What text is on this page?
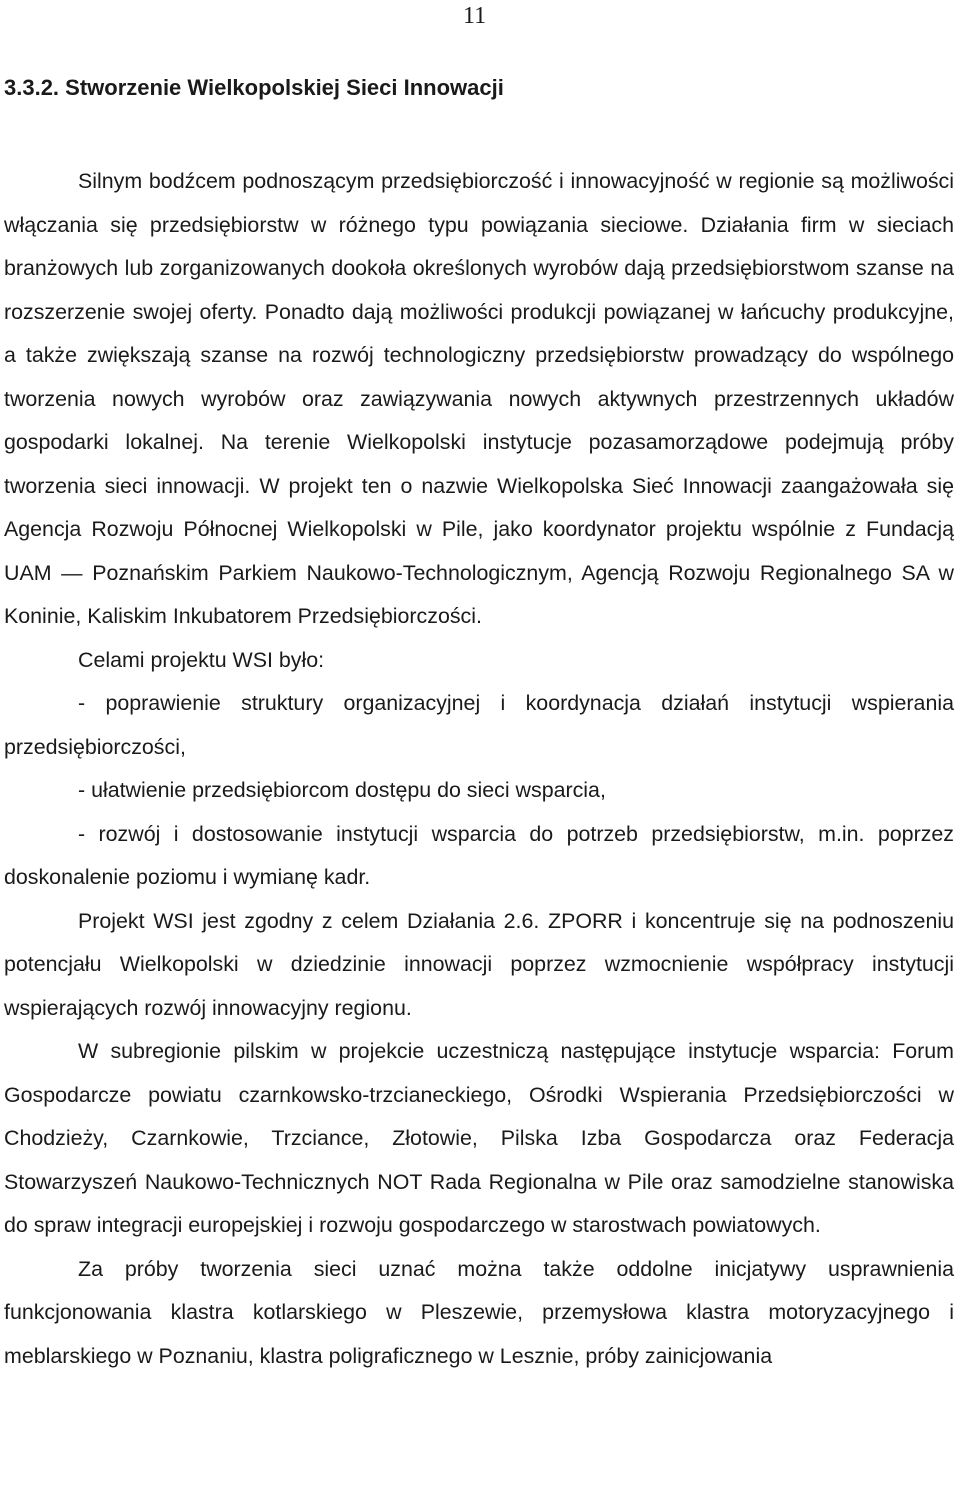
11
3.3.2. Stworzenie Wielkopolskiej Sieci Innowacji

Silnym bodźcem podnoszącym przedsiębiorczość i innowacyjność w regionie są możliwości włączania się przedsiębiorstw w różnego typu powiązania sieciowe. Działania firm w sieciach branżowych lub zorganizowanych dookoła określonych wyrobów dają przedsiębiorstwom szanse na rozszerzenie swojej oferty. Ponadto dają możliwości produkcji powiązanej w łańcuchy produkcyjne, a także zwiększają szanse na rozwój technologiczny przedsiębiorstw prowadzący do wspólnego tworzenia nowych wyrobów oraz zawiązywania nowych aktywnych przestrzennych układów gospodarki lokalnej. Na terenie Wielkopolski instytucje pozasamorządowe podejmują próby tworzenia sieci innowacji. W projekt ten o nazwie Wielkopolska Sieć Innowacji zaangażowała się Agencja Rozwoju Północnej Wielkopolski w Pile, jako koordynator projektu wspólnie z Fundacją UAM — Poznańskim Parkiem Naukowo-Technologicznym, Agencją Rozwoju Regionalnego SA w Koninie, Kaliskim Inkubatorem Przedsiębiorczości.

Celami projektu WSI było:

- poprawienie struktury organizacyjnej i koordynacja działań instytucji wspierania przedsiębiorczości,

- ułatwienie przedsiębiorcom dostępu do sieci wsparcia,

- rozwój i dostosowanie instytucji wsparcia do potrzeb przedsiębiorstw, m.in. poprzez doskonalenie poziomu i wymianę kadr.

Projekt WSI jest zgodny z celem Działania 2.6. ZPORR i koncentruje się na podnoszeniu potencjału Wielkopolski w dziedzinie innowacji poprzez wzmocnienie współpracy instytucji wspierających rozwój innowacyjny regionu.

W subregionie pilskim w projekcie uczestniczą następujące instytucje wsparcia: Forum Gospodarcze powiatu czarnkowsko-trzcianeckiego, Ośrodki Wspierania Przedsiębiorczości w Chodzieży, Czarnkowie, Trzciance, Złotowie, Pilska Izba Gospodarcza oraz Federacja Stowarzyszeń Naukowo-Technicznych NOT Rada Regionalna w Pile oraz samodzielne stanowiska do spraw integracji europejskiej i rozwoju gospodarczego w starostwach powiatowych.

Za próby tworzenia sieci uznać można także oddolne inicjatywy usprawnienia funkcjonowania klastra kotlarskiego w Pleszewie, przemysłowa klastra motoryzacyjnego i meblarskiego w Poznaniu, klastra poligraficznego w Lesznie, próby zainicjowania
